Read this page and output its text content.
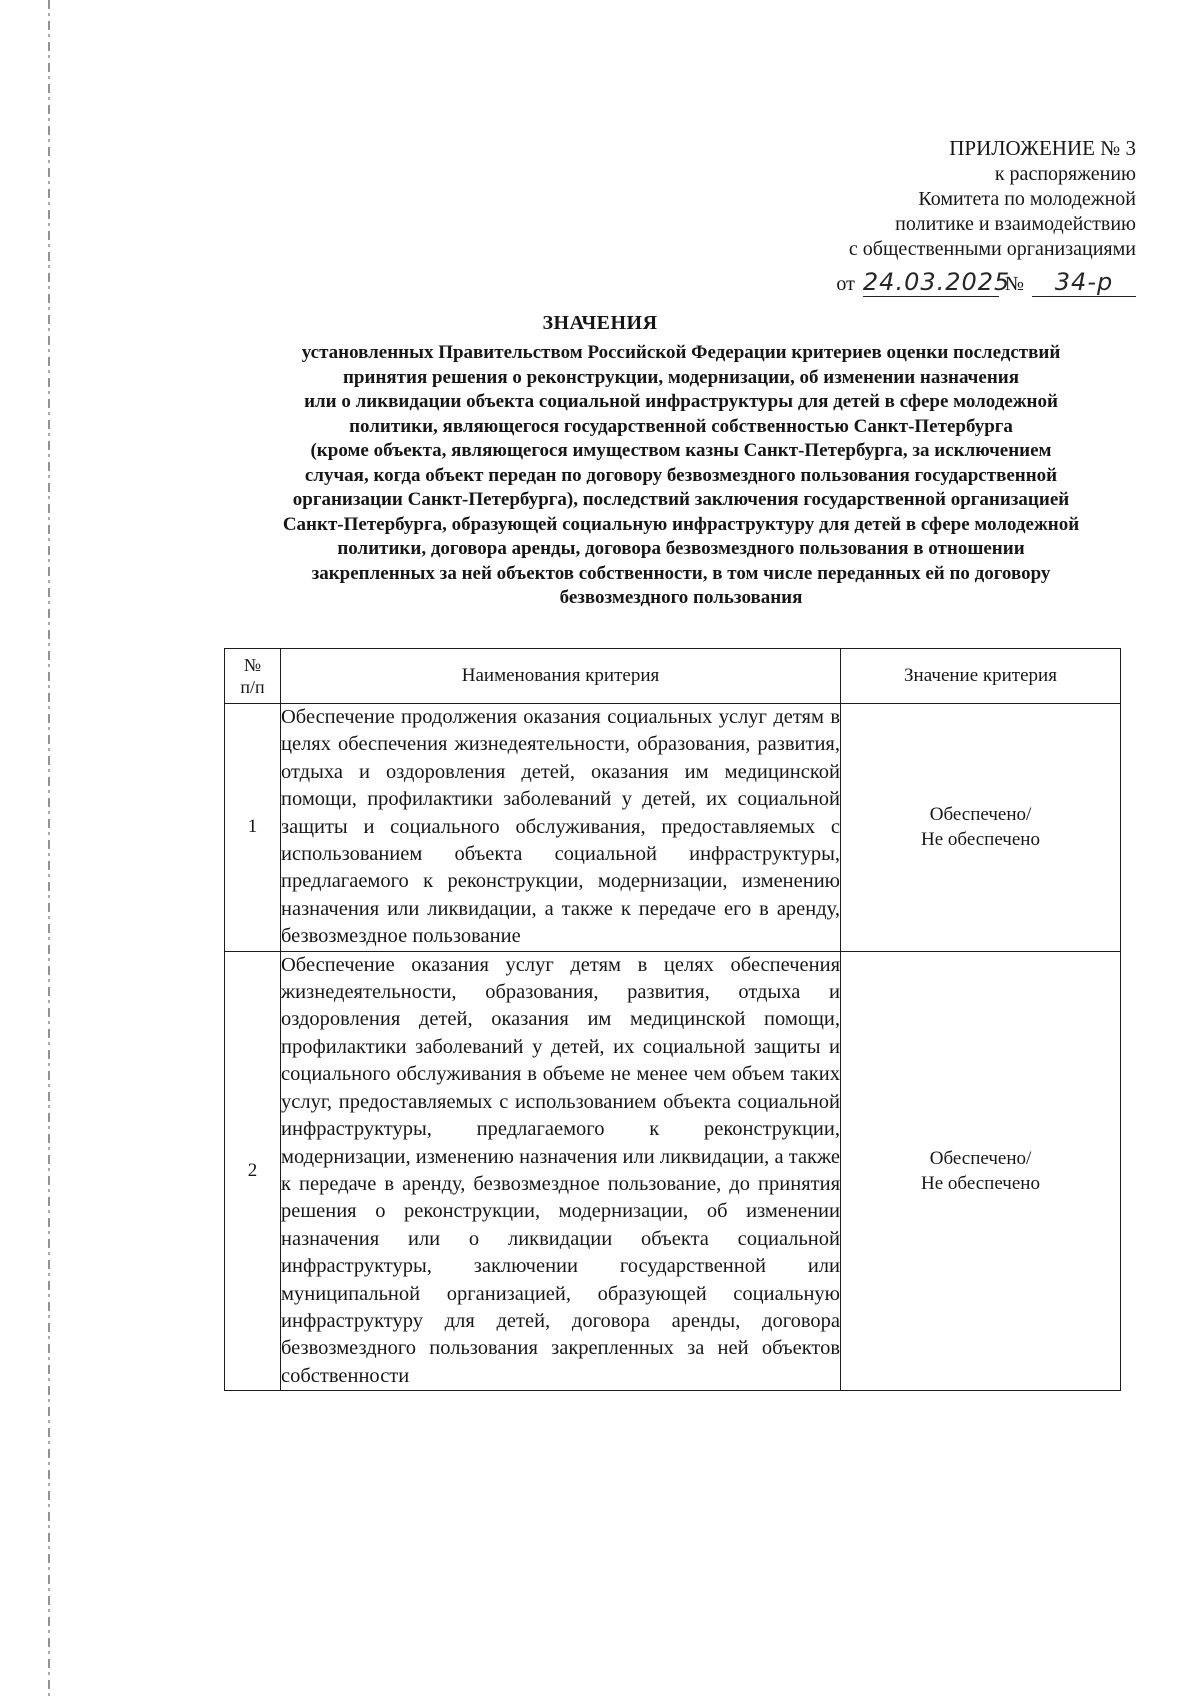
ПРИЛОЖЕНИЕ № 3
к распоряжению
Комитета по молодежной
политике и взаимодействию
с общественными организациями
от 24.03.2025
№	34-р
ЗНАЧЕНИЯ
установленных Правительством Российской Федерации критериев оценки последствий
принятия решения о реконструкции, модернизации, об изменении назначения
или о ликвидации объекта социальной инфраструктуры для детей в сфере молодежной
политики, являющегося государственной собственностью Санкт-Петербурга
(кроме объекта, являющегося имуществом казны Санкт-Петербурга, за исключением
случая, когда объект передан по договору безвозмездного пользования государственной
организации Санкт-Петербурга), последствий заключения государственной организацией
Санкт-Петербурга, образующей социальную инфраструктуру для детей в сфере молодежной
политики, договора аренды, договора безвозмездного пользования в отношении
закрепленных за ней объектов собственности, в том числе переданных ей по договору
безвозмездного пользования
№
п/п	Наименования критерия	Значение критерия
1	Обеспечение продолжения оказания социальных услуг детям в целях обеспечения жизнедеятельности, образования, развития, отдыха и оздоровления детей, оказания им медицинской помощи, профилактики заболеваний у детей, их социальной защиты и социального обслуживания, предоставляемых с использованием объекта социальной инфраструктуры, предлагаемого к реконструкции, модернизации, изменению назначения или ликвидации, а также к передаче его в аренду, безвозмездное пользование	Обеспечено/
Не обеспечено

2	Обеспечение оказания услуг детям в целях обеспечения жизнедеятельности, образования, развития, отдыха и оздоровления детей, оказания им медицинской помощи, профилактики заболеваний у детей, их социальной защиты и социального обслуживания в объеме не менее чем объем таких услуг, предоставляемых с использованием объекта социальной инфраструктуры, предлагаемого к реконструкции, модернизации, изменению назначения или ликвидации, а также к передаче в аренду, безвозмездное пользование, до принятия решения о реконструкции, модернизации, об изменении назначения или о ликвидации объекта социальной инфраструктуры, заключении государственной или муниципальной организацией, образующей социальную инфраструктуру для детей, договора аренды, договора безвозмездного пользования закрепленных за ней объектов собственности	Обеспечено/
Не обеспечено
